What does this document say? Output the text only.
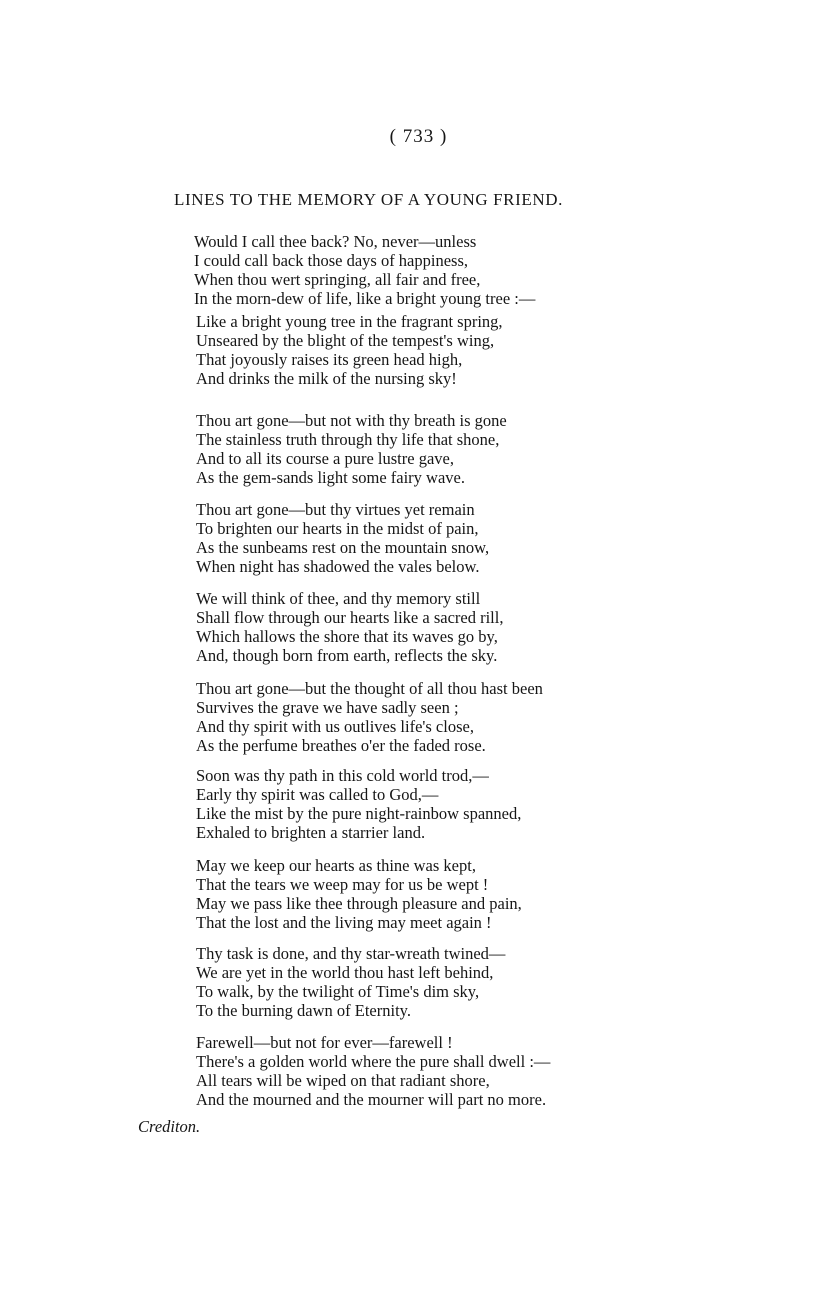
( 733 )
LINES TO THE MEMORY OF A YOUNG FRIEND.
Would I call thee back? No, never—unless
I could call back those days of happiness,
When thou wert springing, all fair and free,
In the morn-dew of life, like a bright young tree :—
Like a bright young tree in the fragrant spring,
Unseared by the blight of the tempest's wing,
That joyously raises its green head high,
And drinks the milk of the nursing sky!
Thou art gone—but not with thy breath is gone
The stainless truth through thy life that shone,
And to all its course a pure lustre gave,
As the gem-sands light some fairy wave.
Thou art gone—but thy virtues yet remain
To brighten our hearts in the midst of pain,
As the sunbeams rest on the mountain snow,
When night has shadowed the vales below.
We will think of thee, and thy memory still
Shall flow through our hearts like a sacred rill,
Which hallows the shore that its waves go by,
And, though born from earth, reflects the sky.
Thou art gone—but the thought of all thou hast been
Survives the grave we have sadly seen ;
And thy spirit with us outlives life's close,
As the perfume breathes o'er the faded rose.
Soon was thy path in this cold world trod,—
Early thy spirit was called to God,—
Like the mist by the pure night-rainbow spanned,
Exhaled to brighten a starrier land.
May we keep our hearts as thine was kept,
That the tears we weep may for us be wept !
May we pass like thee through pleasure and pain,
That the lost and the living may meet again !
Thy task is done, and thy star-wreath twined—
We are yet in the world thou hast left behind,
To walk, by the twilight of Time's dim sky,
To the burning dawn of Eternity.
Farewell—but not for ever—farewell !
There's a golden world where the pure shall dwell :—
All tears will be wiped on that radiant shore,
And the mourned and the mourner will part no more.
Crediton.
